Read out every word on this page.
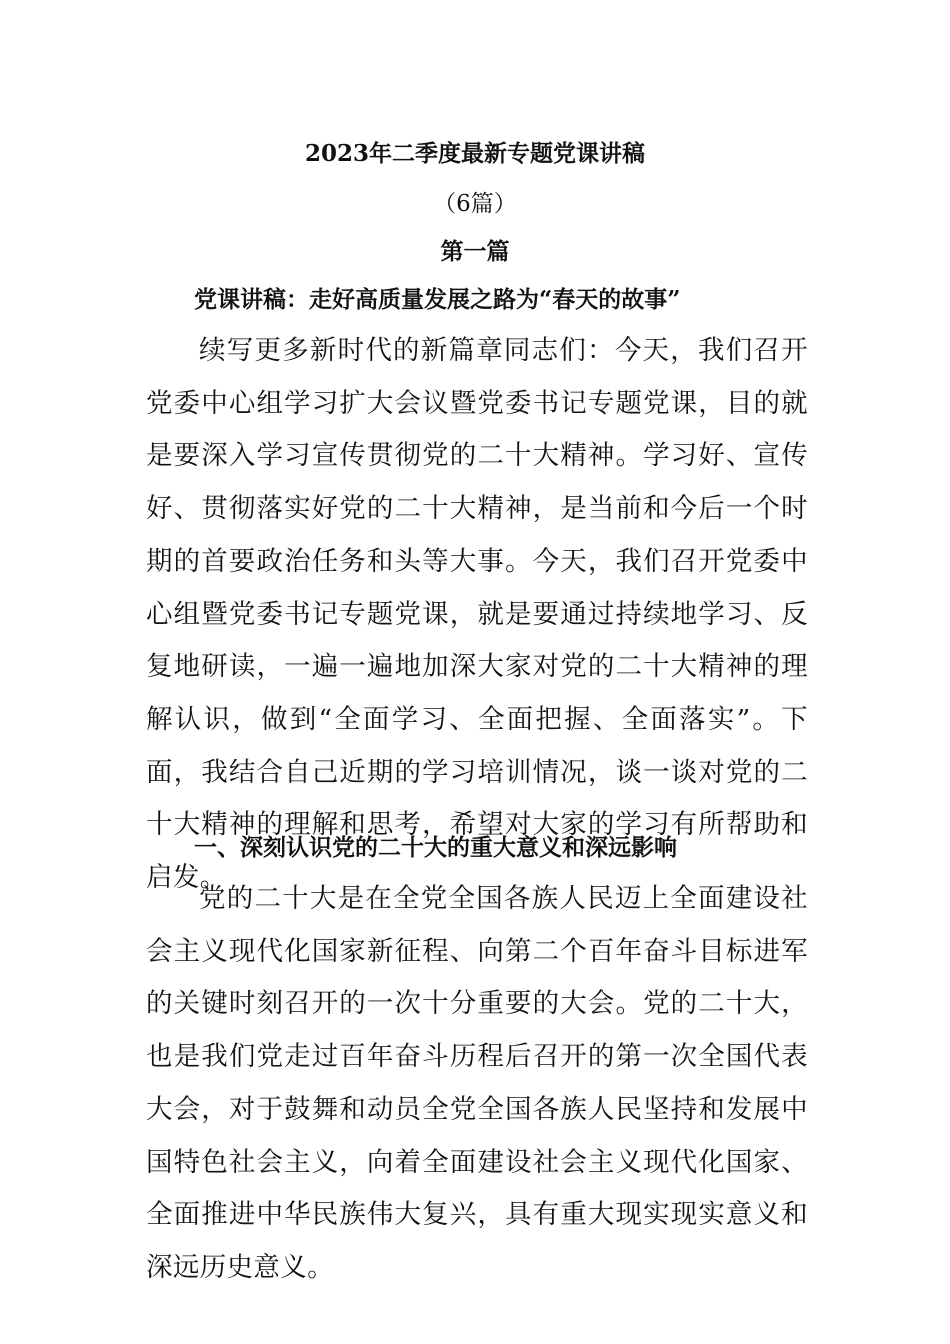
2023年二季度最新专题党课讲稿
（6篇）
第一篇
党课讲稿：走好高质量发展之路为“春天的故事”

续写更多新时代的新篇章同志们：今天，我们召开党委中心组学习扩大会议暨党委书记专题党课，目的就是要深入学习宣传贯彻党的二十大精神。学习好、宣传好、贯彻落实好党的二十大精神，是当前和今后一个时期的首要政治任务和头等大事。今天，我们召开党委中心组暨党委书记专题党课，就是要通过持续地学习、反复地研读，一遍一遍地加深大家对党的二十大精神的理解认识，做到“全面学习、全面把握、全面落实”。下面，我结合自己近期的学习培训情况，谈一谈对党的二十大精神的理解和思考，希望对大家的学习有所帮助和启发。

一、深刻认识党的二十大的重大意义和深远影响

党的二十大是在全党全国各族人民迈上全面建设社会主义现代化国家新征程、向第二个百年奋斗目标进军的关键时刻召开的一次十分重要的大会。党的二十大，也是我们党走过百年奋斗历程后召开的第一次全国代表大会，对于鼓舞和动员全党全国各族人民坚持和发展中国特色社会主义，向着全面建设社会主义现代化国家、全面推进中华民族伟大复兴，具有重大现实现实意义和深远历史意义。
